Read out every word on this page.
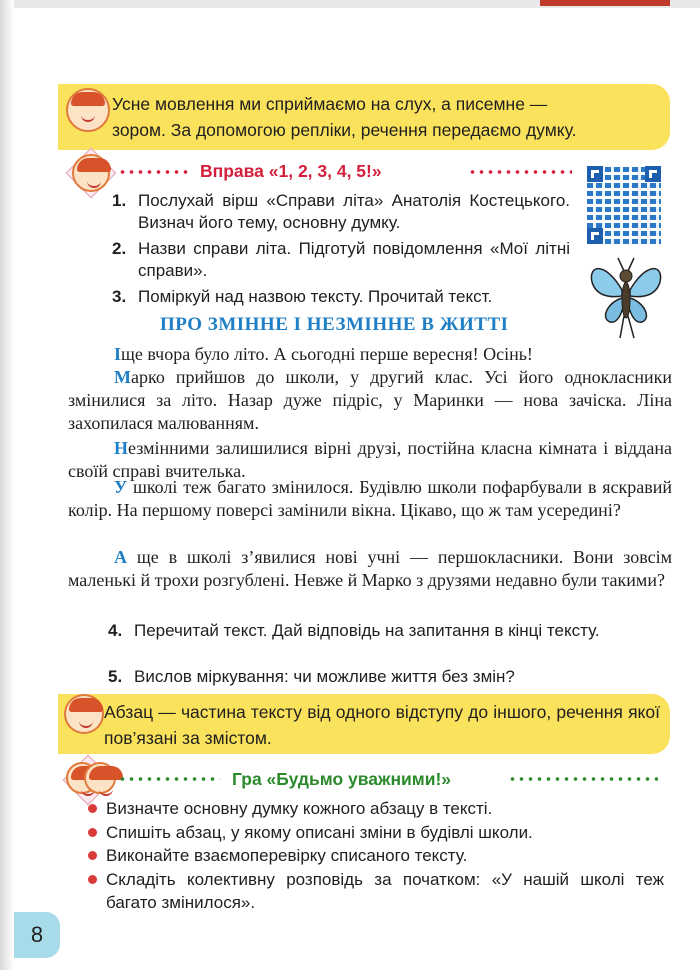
Усне мовлення ми сприймаємо на слух, а писемне —
зором. За допомогою репліки, речення передаємо думку.
Вправа «1, 2, 3, 4, 5!»
1. Послухай вірш «Справи літа» Анатолія Костецького. Визнач його тему, основну думку.
2. Назви справи літа. Підготуй повідомлення «Мої літні справи».
3. Поміркуй над назвою тексту. Прочитай текст.
ПРО ЗМІННЕ І НЕЗМІННЕ В ЖИТТІ
Іще вчора було літо. А сьогодні перше вересня! Осінь!
Марко прийшов до школи, у другий клас. Усі його однокласники змінилися за літо. Назар дуже підріс, у Маринки — нова зачіска. Ліна захопилася малюванням.
Незмінними залишилися вірні друзі, постійна класна кімната і віддана своїй справі вчителька.
У школі теж багато змінилося. Будівлю школи пофарбували в яскравий колір. На першому поверсі замінили вікна. Цікаво, що ж там усередині?
А ще в школі з’явилися нові учні — першокласники. Вони зовсім маленькі й трохи розгублені. Невже й Марко з друзями недавно були такими?
4. Перечитай текст. Дай відповідь на запитання в кінці тексту.
5. Вислов міркування: чи можливе життя без змін?
Абзац — частина тексту від одного відступу до іншого, речення якої пов’язані за змістом.
Гра «Будьмо уважними!»
Визначте основну думку кожного абзацу в тексті.
Спишіть абзац, у якому описані зміни в будівлі школи.
Виконайте взаємоперевірку списаного тексту.
Складіть колективну розповідь за початком: «У нашій школі теж багато змінилося».
8
